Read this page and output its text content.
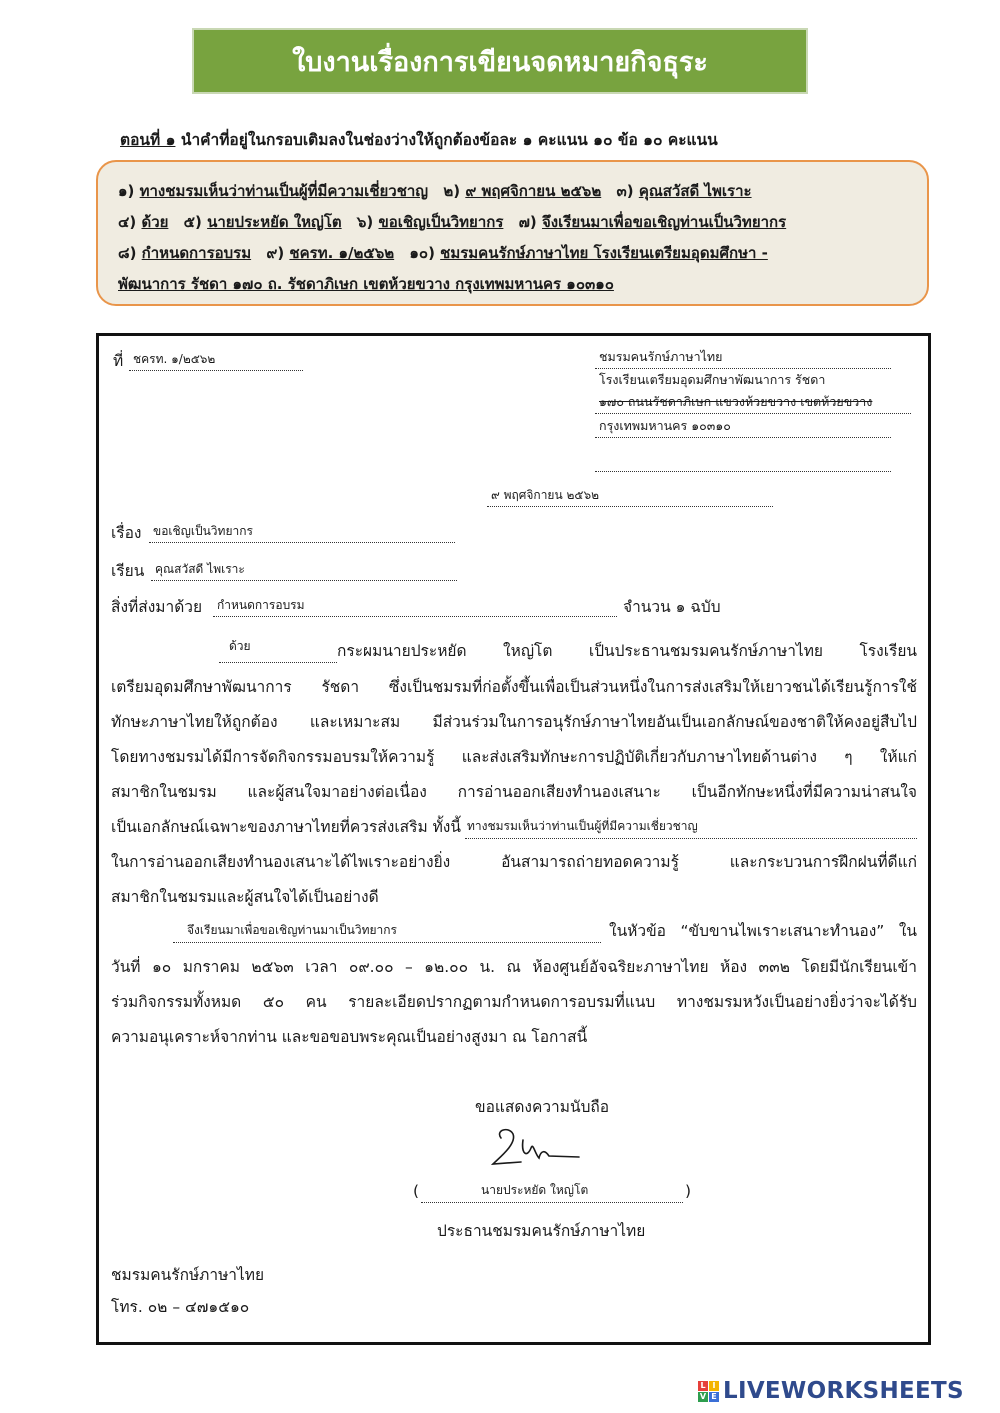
ใบงานเรื่องการเขียนจดหมายกิจธุระ
ตอนที่ ๑ นำคำที่อยู่ในกรอบเติมลงในช่องว่างให้ถูกต้องข้อละ ๑ คะแนน ๑๐ ข้อ ๑๐ คะแนน
๑) ทางชมรมเห็นว่าท่านเป็นผู้ที่มีความเชี่ยวชาญ ๒) ๙ พฤศจิกายน ๒๕๖๒ ๓) คุณสวัสดี ไพเราะ
๔) ด้วย ๕) นายประหยัด ใหญ่โต ๖) ขอเชิญเป็นวิทยากร ๗) จึงเรียนมาเพื่อขอเชิญท่านเป็นวิทยากร
๘) กำหนดการอบรม ๙) ชครท. ๑/๒๕๖๒ ๑๐) ชมรมคนรักษ์ภาษาไทย โรงเรียนเตรียมอุดมศึกษา -
พัฒนาการ รัชดา ๑๗๐ ถ. รัชดาภิเษก เขตห้วยขวาง กรุงเทพมหานคร ๑๐๓๑๐
ที่ ชครท. ๑/๒๕๖๒	ชมรมคนรักษ์ภาษาไทย
โรงเรียนเตรียมอุดมศึกษาพัฒนาการ รัชดา
๑๗๐ ถนนรัชดาภิเษก แขวงห้วยขวาง เขตห้วยขวาง
กรุงเทพมหานคร ๑๐๓๑๐
๙ พฤศจิกายน ๒๕๖๒
เรื่อง ขอเชิญเป็นวิทยากร
เรียน คุณสวัสดี ไพเราะ
สิ่งที่ส่งมาด้วย กำหนดการอบรม	จำนวน ๑ ฉบับ
ด้วย	กระผมนายประหยัด ใหญ่โต เป็นประธานชมรมคนรักษ์ภาษาไทย โรงเรียน
เตรียมอุดมศึกษาพัฒนาการ รัชดา ซึ่งเป็นชมรมที่ก่อตั้งขึ้นเพื่อเป็นส่วนหนึ่งในการส่งเสริมให้เยาวชนได้เรียนรู้การใช้
ทักษะภาษาไทยให้ถูกต้อง และเหมาะสม มีส่วนร่วมในการอนุรักษ์ภาษาไทยอันเป็นเอกลักษณ์ของชาติให้คงอยู่สืบไป
โดยทางชมรมได้มีการจัดกิจกรรมอบรมให้ความรู้ และส่งเสริมทักษะการปฏิบัติเกี่ยวกับภาษาไทยด้านต่าง ๆ ให้แก่
สมาชิกในชมรม และผู้สนใจมาอย่างต่อเนื่อง การอ่านออกเสียงทำนองเสนาะ เป็นอีกทักษะหนึ่งที่มีความน่าสนใจ
เป็นเอกลักษณ์เฉพาะของภาษาไทยที่ควรส่งเสริม ทั้งนี้ ทางชมรมเห็นว่าท่านเป็นผู้ที่มีความเชี่ยวชาญ
ในการอ่านออกเสียงทำนองเสนาะได้ไพเราะอย่างยิ่ง อันสามารถถ่ายทอดความรู้ และกระบวนการฝึกฝนที่ดีแก่
สมาชิกในชมรมและผู้สนใจได้เป็นอย่างดี
จึงเรียนมาเพื่อขอเชิญท่านมาเป็นวิทยากร	ในหัวข้อ “ขับขานไพเราะเสนาะทำนอง” ใน
วันที่ ๑๐ มกราคม ๒๕๖๓ เวลา ๐๙.๐๐ – ๑๒.๐๐ น. ณ ห้องศูนย์อัจฉริยะภาษาไทย ห้อง ๓๓๒ โดยมีนักเรียนเข้า
ร่วมกิจกรรมทั้งหมด ๕๐ คน รายละเอียดปรากฏตามกำหนดการอบรมที่แนบ ทางชมรมหวังเป็นอย่างยิ่งว่าจะได้รับ
ความอนุเคราะห์จากท่าน และขอขอบพระคุณเป็นอย่างสูงมา ณ โอกาสนี้
ขอแสดงความนับถือ
(	นายประหยัด ใหญ่โต	)
ประธานชมรมคนรักษ์ภาษาไทย
ชมรมคนรักษ์ภาษาไทย
โทร. ๐๒ – ๔๗๑๕๑๐
L I
V E LIVEWORKSHEETS
